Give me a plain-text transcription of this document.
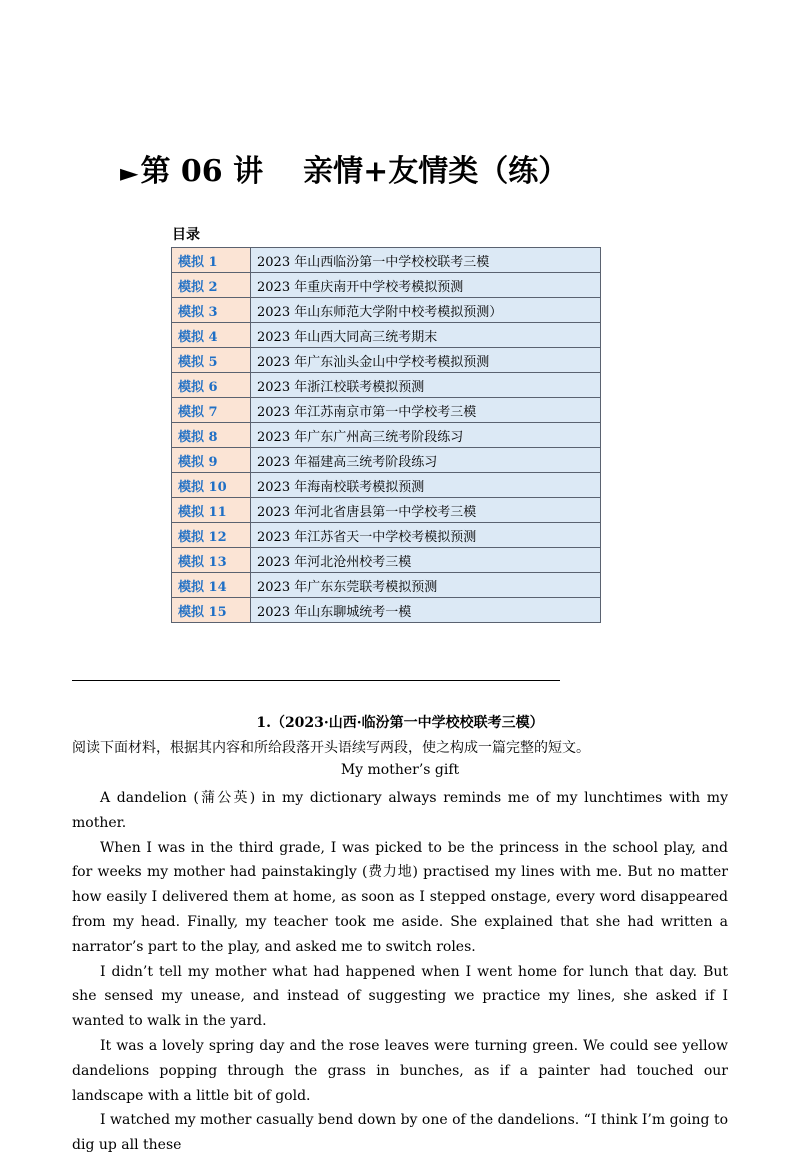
►第 06 讲 亲情+友情类（练）
目录
模拟 1	2023 年山西临汾第一中学校校联考三模
模拟 2	2023 年重庆南开中学校考模拟预测
模拟 3	2023 年山东师范大学附中校考模拟预测）
模拟 4	2023 年山西大同高三统考期末
模拟 5	2023 年广东汕头金山中学校考模拟预测
模拟 6	2023 年浙江校联考模拟预测
模拟 7	2023 年江苏南京市第一中学校考三模
模拟 8	2023 年广东广州高三统考阶段练习
模拟 9	2023 年福建高三统考阶段练习
模拟 10	2023 年海南校联考模拟预测
模拟 11	2023 年河北省唐县第一中学校考三模
模拟 12	2023 年江苏省天一中学校考模拟预测
模拟 13	2023 年河北沧州校考三模
模拟 14	2023 年广东东莞联考模拟预测
模拟 15	2023 年山东聊城统考一模
1.（2023·山西·临汾第一中学校校联考三模）
阅读下面材料，根据其内容和所给段落开头语续写两段，使之构成一篇完整的短文。
My mother’s gift

A dandelion (蒲公英) in my dictionary always reminds me of my lunchtimes with my mother.

When I was in the third grade, I was picked to be the princess in the school play, and for weeks my mother had painstakingly (费力地) practised my lines with me. But no matter how easily I delivered them at home, as soon as I stepped onstage, every word disappeared from my head. Finally, my teacher took me aside. She explained that she had written a narrator’s part to the play, and asked me to switch roles.

I didn’t tell my mother what had happened when I went home for lunch that day. But she sensed my unease, and instead of suggesting we practice my lines, she asked if I wanted to walk in the yard.

It was a lovely spring day and the rose leaves were turning green. We could see yellow dandelions popping through the grass in bunches, as if a painter had touched our landscape with a little bit of gold.

I watched my mother casually bend down by one of the dandelions. “I think I’m going to dig up all these
